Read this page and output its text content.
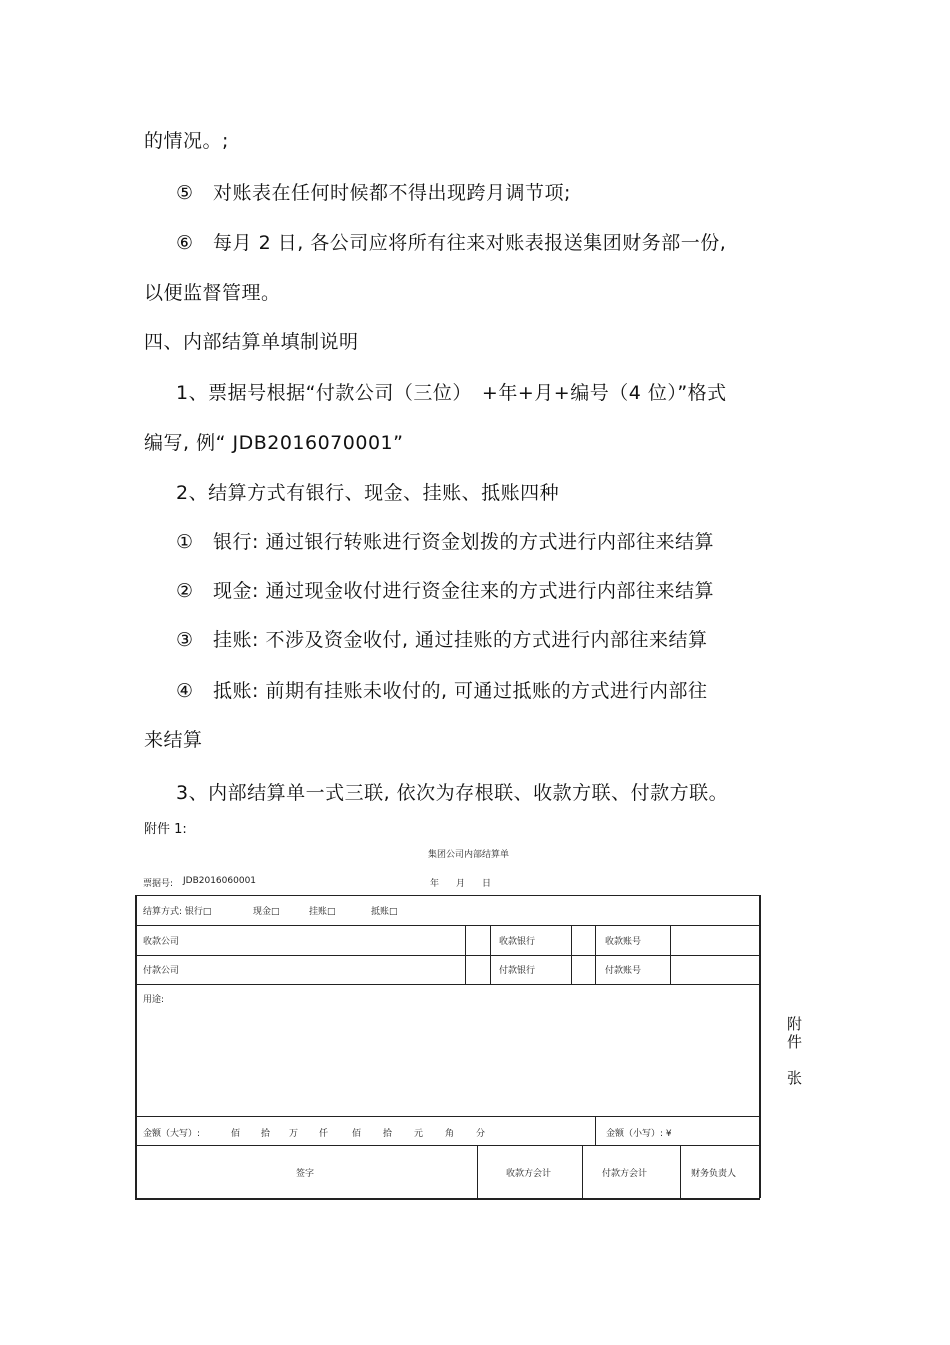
的情况。;
⑤　对账表在任何时候都不得出现跨月调节项;
⑥　每月 2 日, 各公司应将所有往来对账表报送集团财务部一份,
以便监督管理。
四、内部结算单填制说明
1、票据号根据“付款公司（三位）　+年+月+编号（4 位）”格式
编写, 例“ JDB2016070001”
2、结算方式有银行、现金、挂账、抵账四种
①　银行: 通过银行转账进行资金划拨的方式进行内部往来结算
②　现金: 通过现金收付进行资金往来的方式进行内部往来结算
③　挂账: 不涉及资金收付, 通过挂账的方式进行内部往来结算
④　抵账: 前期有挂账未收付的, 可通过抵账的方式进行内部往
来结算
3、内部结算单一式三联, 依次为存根联、收款方联、付款方联。
附件 1:
集团公司内部结算单
票据号: JDB2016060001	年 月 日
结算方式: 银行□	现金□	挂账□	抵账□
收款公司	收款银行	收款账号
付款公司	付款银行	付款账号
用途:
金额（大写）:	佰 拾 万 仟	佰 拾 元 角 分	金额（小写）: ¥
签字	收款方会计	付款方会计	财务负责人
附
件
张
